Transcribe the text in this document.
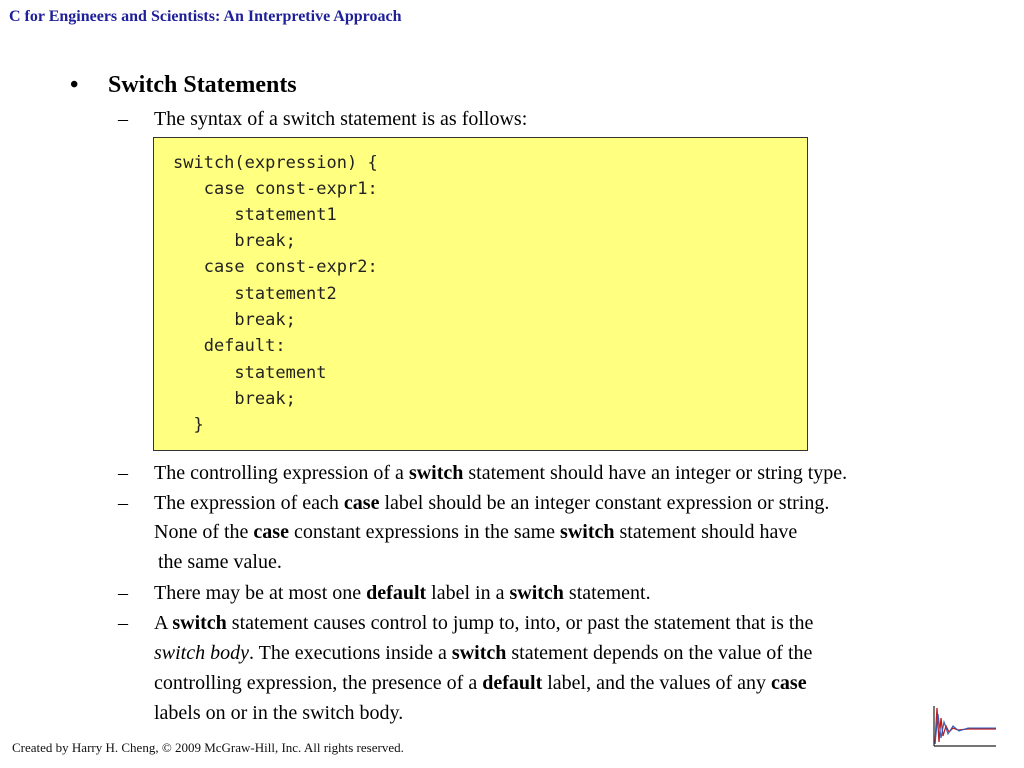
C for Engineers and Scientists: An Interpretive Approach
• Switch Statements
– The syntax of a switch statement is as follows:
switch(expression) {
case const-expr1:
statement1
break;
case const-expr2:
statement2
break;
default:
statement
break;
}
– The controlling expression of a switch statement should have an integer or string type.
– The expression of each case label should be an integer constant expression or string.
None of the case constant expressions in the same switch statement should have
the same value.
– There may be at most one default label in a switch statement.
– A switch statement causes control to jump to, into, or past the statement that is the
switch body. The executions inside a switch statement depends on the value of the
controlling expression, the presence of a default label, and the values of any case
labels on or in the switch body.
Created by Harry H. Cheng, © 2009 McGraw-Hill, Inc. All rights reserved.
